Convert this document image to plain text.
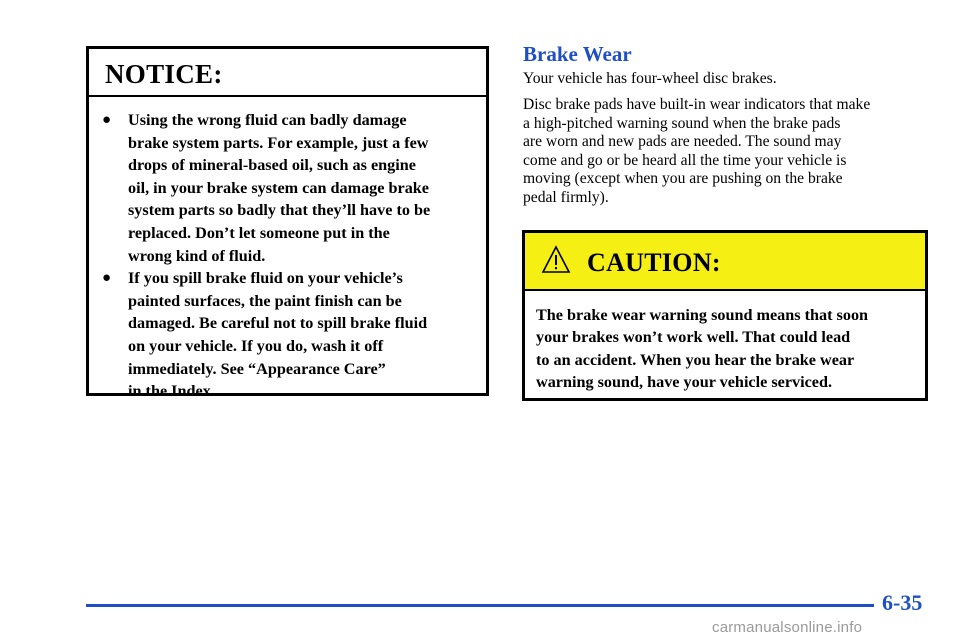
NOTICE:
●	Using the wrong fluid can badly damage
brake system parts. For example, just a few
drops of mineral-based oil, such as engine
oil, in your brake system can damage brake
system parts so badly that they’ll have to be
replaced. Don’t let someone put in the
wrong kind of fluid.
●	If you spill brake fluid on your vehicle’s
painted surfaces, the paint finish can be
damaged. Be careful not to spill brake fluid
on your vehicle. If you do, wash it off
immediately. See “Appearance Care”
in the Index.
Brake Wear
Your vehicle has four-wheel disc brakes.
Disc brake pads have built-in wear indicators that make
a high-pitched warning sound when the brake pads
are worn and new pads are needed. The sound may
come and go or be heard all the time your vehicle is
moving (except when you are pushing on the brake
pedal firmly).
CAUTION:
The brake wear warning sound means that soon
your brakes won’t work well. That could lead
to an accident. When you hear the brake wear
warning sound, have your vehicle serviced.
6-35
carmanualsonline.info
